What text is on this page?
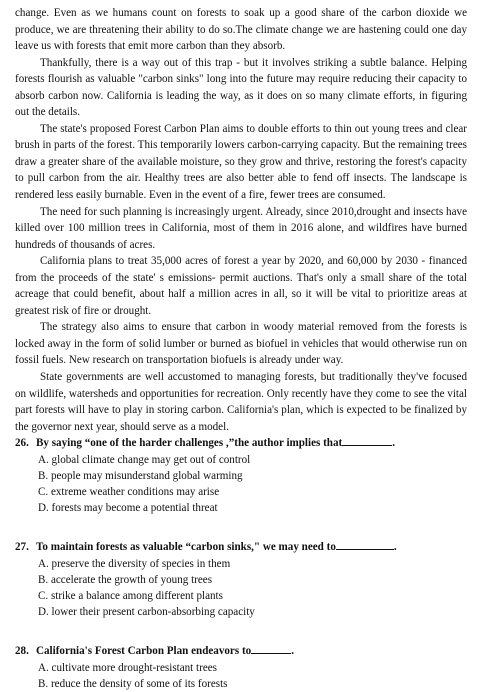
change. Even as we humans count on forests to soak up a good share of the carbon dioxide we produce, we are threatening their ability to do so.The climate change we are hastening could one day leave us with forests that emit more carbon than they absorb.

Thankfully, there is a way out of this trap - but it involves striking a subtle balance. Helping forests flourish as valuable "carbon sinks" long into the future may require reducing their capacity to absorb carbon now. California is leading the way, as it does on so many climate efforts, in figuring out the details.

The state's proposed Forest Carbon Plan aims to double efforts to thin out young trees and clear brush in parts of the forest. This temporarily lowers carbon-carrying capacity. But the remaining trees draw a greater share of the available moisture, so they grow and thrive, restoring the forest's capacity to pull carbon from the air. Healthy trees are also better able to fend off insects. The landscape is rendered less easily burnable. Even in the event of a fire, fewer trees are consumed.

The need for such planning is increasingly urgent. Already, since 2010,drought and insects have killed over 100 million trees in California, most of them in 2016 alone, and wildfires have burned hundreds of thousands of acres.

California plans to treat 35,000 acres of forest a year by 2020, and 60,000 by 2030 - financed from the proceeds of the state' s emissions- permit auctions. That's only a small share of the total acreage that could benefit, about half a million acres in all, so it will be vital to prioritize areas at greatest risk of fire or drought.

The strategy also aims to ensure that carbon in woody material removed from the forests is locked away in the form of solid lumber or burned as biofuel in vehicles that would otherwise run on fossil fuels. New research on transportation biofuels is already under way.

State governments are well accustomed to managing forests, but traditionally they've focused on wildlife, watersheds and opportunities for recreation. Only recently have they come to see the vital part forests will have to play in storing carbon. California's plan, which is expected to be finalized by the governor next year, should serve as a model.

26. By saying “one of the harder challenges ,”the author implies that	.

A. global climate change may get out of control
B. people may misunderstand global warming
C. extreme weather conditions may arise
D. forests may become a potential threat

27. To maintain forests as valuable “carbon sinks," we may need to	.

A. preserve the diversity of species in them
B. accelerate the growth of young trees
C. strike a balance among different plants
D. lower their present carbon-absorbing capacity

28. California's Forest Carbon Plan endeavors to	.

A. cultivate more drought-resistant trees
B. reduce the density of some of its forests
